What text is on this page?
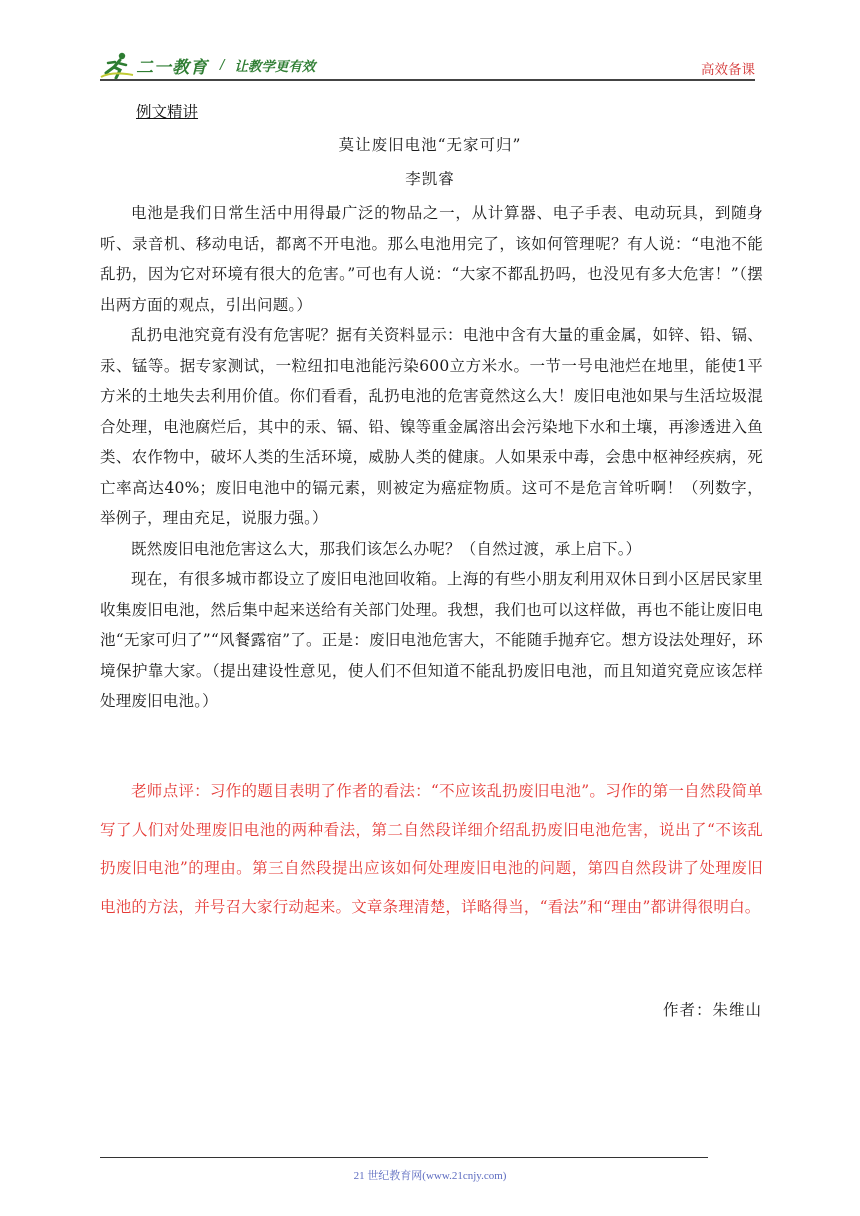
二一教育 / 让教学更有效	高效备课
例文精讲
莫让废旧电池“无家可归”
李凯睿

电池是我们日常生活中用得最广泛的物品之一，从计算器、电子手表、电动玩具，到随身听、录音机、移动电话，都离不开电池。那么电池用完了，该如何管理呢？有人说：“电池不能乱扔，因为它对环境有很大的危害。”可也有人说：“大家不都乱扔吗，也没见有多大危害！”（摆出两方面的观点，引出问题。）

乱扔电池究竟有没有危害呢？据有关资料显示：电池中含有大量的重金属，如锌、铅、镉、汞、锰等。据专家测试，一粒纽扣电池能污染600立方米水。一节一号电池烂在地里，能使1平方米的土地失去利用价值。你们看看，乱扔电池的危害竟然这么大！废旧电池如果与生活垃圾混合处理，电池腐烂后，其中的汞、镉、铅、镍等重金属溶出会污染地下水和土壤，再渗透进入鱼类、农作物中，破坏人类的生活环境，威胁人类的健康。人如果汞中毒，会患中枢神经疾病，死亡率高达40%；废旧电池中的镉元素，则被定为癌症物质。这可不是危言耸听啊！（列数字，举例子，理由充足，说服力强。）

既然废旧电池危害这么大，那我们该怎么办呢？（自然过渡，承上启下。）

现在，有很多城市都设立了废旧电池回收箱。上海的有些小朋友利用双休日到小区居民家里收集废旧电池，然后集中起来送给有关部门处理。我想，我们也可以这样做，再也不能让废旧电池“无家可归了”“风餐露宿”了。正是：废旧电池危害大，不能随手抛弃它。想方设法处理好，环境保护靠大家。（提出建设性意见，使人们不但知道不能乱扔废旧电池，而且知道究竟应该怎样处理废旧电池。）

老师点评：习作的题目表明了作者的看法：“不应该乱扔废旧电池”。习作的第一自然段简单写了人们对处理废旧电池的两种看法，第二自然段详细介绍乱扔废旧电池危害，说出了“不该乱扔废旧电池”的理由。第三自然段提出应该如何处理废旧电池的问题，第四自然段讲了处理废旧电池的方法，并号召大家行动起来。文章条理清楚，详略得当，“看法”和“理由”都讲得很明白。
作者：朱维山
21 世纪教育网(www.21cnjy.com)
